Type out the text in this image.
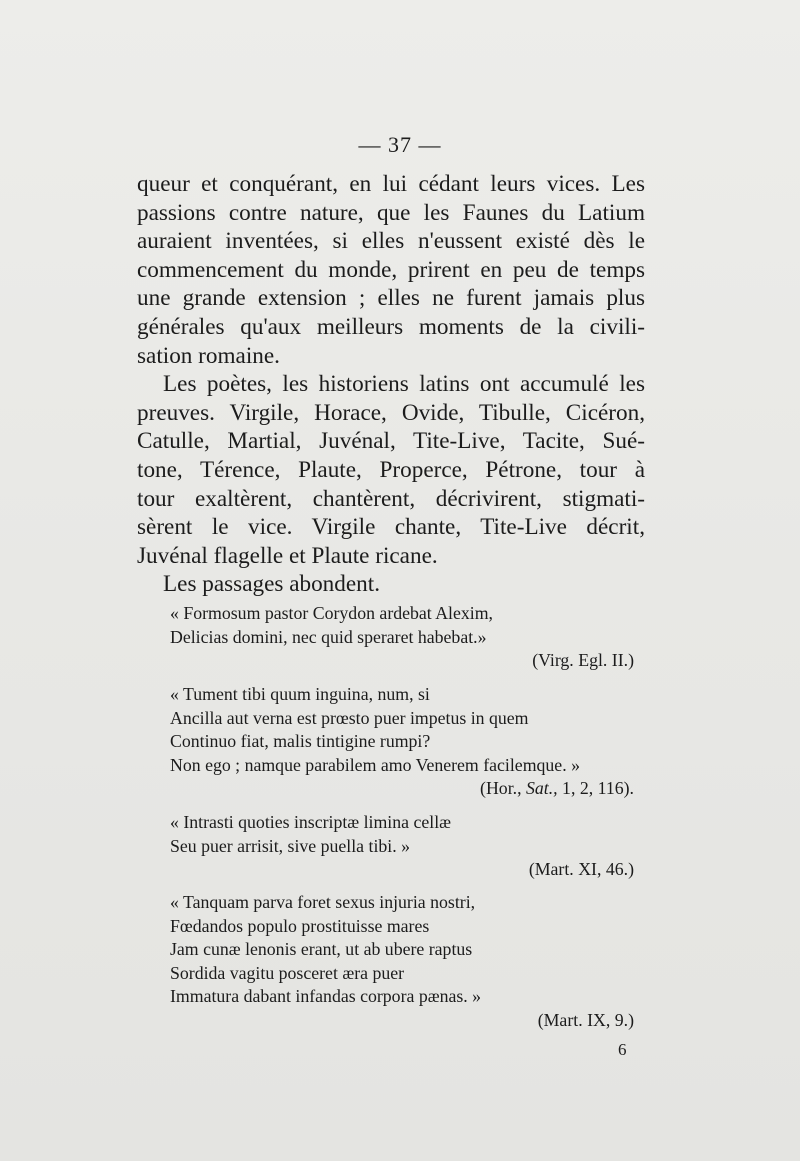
— 37 —

queur et conquérant, en lui cédant leurs vices. Les
passions contre nature, que les Faunes du Latium
auraient inventées, si elles n'eussent existé dès le
commencement du monde, prirent en peu de temps
une grande extension ; elles ne furent jamais plus
générales qu'aux meilleurs moments de la civili-
sation romaine.

Les poètes, les historiens latins ont accumulé les
preuves. Virgile, Horace, Ovide, Tibulle, Cicéron,
Catulle, Martial, Juvénal, Tite-Live, Tacite, Sué-
tone, Térence, Plaute, Properce, Pétrone, tour à
tour exaltèrent, chantèrent, décrivirent, stigmati-
sèrent le vice. Virgile chante, Tite-Live décrit,
Juvénal flagelle et Plaute ricane.

Les passages abondent.

« Formosum pastor Corydon ardebat Alexim,
Delicias domini, nec quid speraret habebat.»
(Virg. Egl. II.)
« Tument tibi quum inguina, num, si
Ancilla aut verna est prœsto puer impetus in quem
Continuo fiat, malis tintigine rumpi?
Non ego ; namque parabilem amo Venerem facilemque. »
(Hor., Sat., 1, 2, 116).
« Intrasti quoties inscriptæ limina cellæ
Seu puer arrisit, sive puella tibi. »
(Mart. XI, 46.)
« Tanquam parva foret sexus injuria nostri,
Fœdandos populo prostituisse mares
Jam cunæ lenonis erant, ut ab ubere raptus
Sordida vagitu posceret æra puer
Immatura dabant infandas corpora pænas. »
(Mart. IX, 9.)
6
